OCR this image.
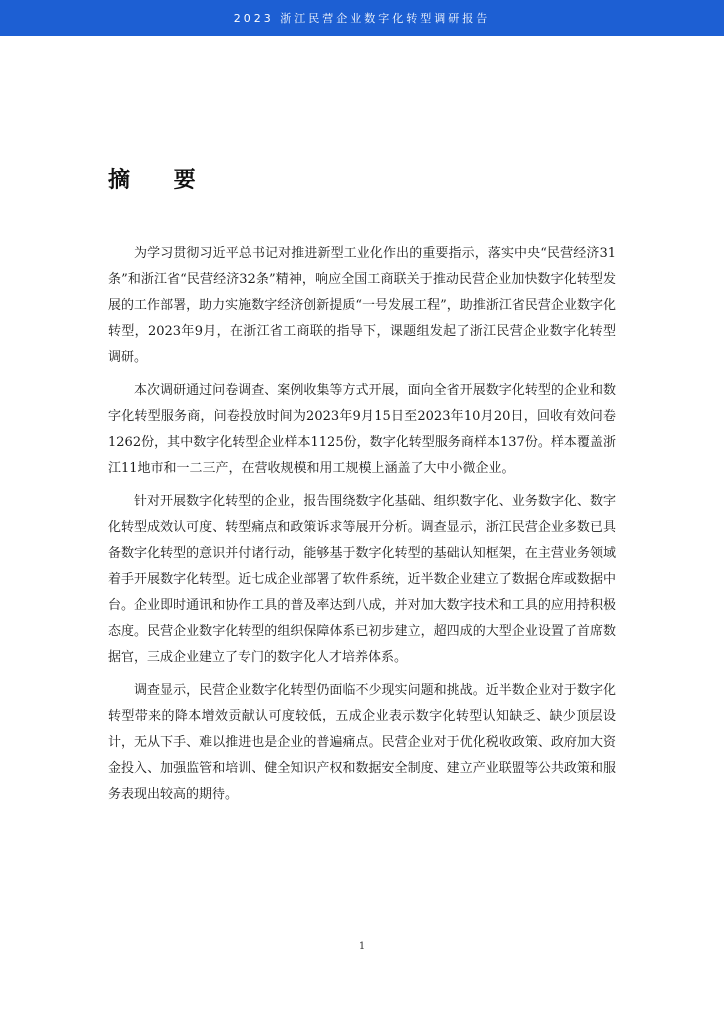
2023 浙江民营企业数字化转型调研报告
摘 要

为学习贯彻习近平总书记对推进新型工业化作出的重要指示，落实中央“民营经济31条”和浙江省“民营经济32条”精神，响应全国工商联关于推动民营企业加快数字化转型发展的工作部署，助力实施数字经济创新提质“一号发展工程”，助推浙江省民营企业数字化转型，2023年9月，在浙江省工商联的指导下，课题组发起了浙江民营企业数字化转型调研。

本次调研通过问卷调查、案例收集等方式开展，面向全省开展数字化转型的企业和数字化转型服务商，问卷投放时间为2023年9月15日至2023年10月20日，回收有效问卷1262份，其中数字化转型企业样本1125份，数字化转型服务商样本137份。样本覆盖浙江11地市和一二三产，在营收规模和用工规模上涵盖了大中小微企业。

针对开展数字化转型的企业，报告围绕数字化基础、组织数字化、业务数字化、数字化转型成效认可度、转型痛点和政策诉求等展开分析。调查显示，浙江民营企业多数已具备数字化转型的意识并付诸行动，能够基于数字化转型的基础认知框架，在主营业务领域着手开展数字化转型。近七成企业部署了软件系统，近半数企业建立了数据仓库或数据中台。企业即时通讯和协作工具的普及率达到八成，并对加大数字技术和工具的应用持积极态度。民营企业数字化转型的组织保障体系已初步建立，超四成的大型企业设置了首席数据官，三成企业建立了专门的数字化人才培养体系。

调查显示，民营企业数字化转型仍面临不少现实问题和挑战。近半数企业对于数字化转型带来的降本增效贡献认可度较低，五成企业表示数字化转型认知缺乏、缺少顶层设计，无从下手、难以推进也是企业的普遍痛点。民营企业对于优化税收政策、政府加大资金投入、加强监管和培训、健全知识产权和数据安全制度、建立产业联盟等公共政策和服务表现出较高的期待。

1
